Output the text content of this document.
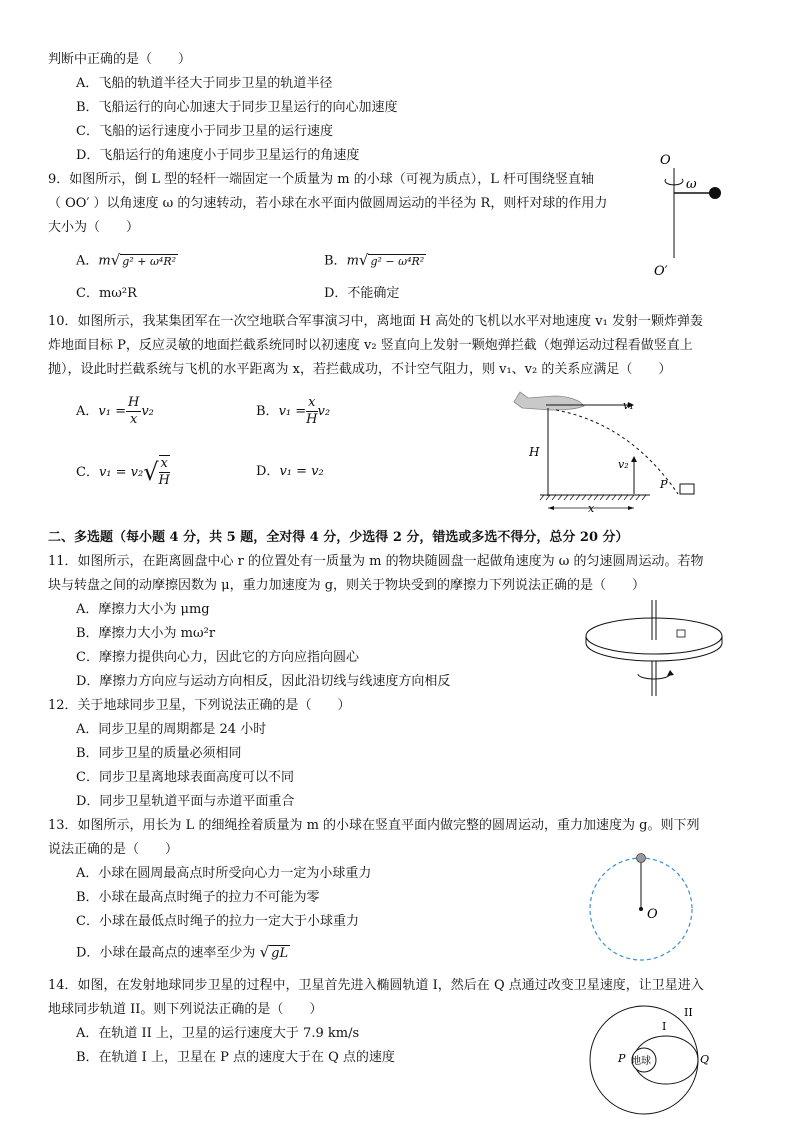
判断中正确的是（　　）
A．飞船的轨道半径大于同步卫星的轨道半径
B．飞船运行的向心加速大于同步卫星运行的向心加速度
C．飞船的运行速度小于同步卫星的运行速度
D．飞船运行的角速度小于同步卫星运行的角速度
9．如图所示，倒 L 型的轻杆一端固定一个质量为 m 的小球（可视为质点），L 杆可围绕竖直轴
（ OO′ ）以角速度 ω 的匀速转动，若小球在水平面内做圆周运动的半径为 R，则杆对球的作用力
大小为（　　）
A．m√ g² + ω⁴R²	B．m√ g² − ω⁴R²
C．mω²R	D．不能确定
O
ω
O′
10．如图所示，我某集团军在一次空地联合军事演习中，离地面 H 高处的飞机以水平对地速度 v₁ 发射一颗炸弹轰
炸地面目标 P，反应灵敏的地面拦截系统同时以初速度 v₂ 竖直向上发射一颗炮弹拦截（炮弹运动过程看做竖直上
抛），设此时拦截系统与飞机的水平距离为 x，若拦截成功，不计空气阻力，则 v₁、v₂ 的关系应满足（　　）
A．$v_1 = \frac{H}{x} v_2$	B．$v_1 = \frac{x}{H} v_2$
C．$v_1 = v_2√ \frac{x}{H}$	D．v₁ = v₂
v₁
H
v₂
P
x
二、多选题（每小题 4 分，共 5 题，全对得 4 分，少选得 2 分，错选或多选不得分，总分 20 分）
11．如图所示，在距离圆盘中心 r 的位置处有一质量为 m 的物块随圆盘一起做角速度为 ω 的匀速圆周运动。若物
块与转盘之间的动摩擦因数为 μ，重力加速度为 g，则关于物块受到的摩擦力下列说法正确的是（　　）
A．摩擦力大小为 μmg
B．摩擦力大小为 mω²r
C．摩擦力提供向心力，因此它的方向应指向圆心
D．摩擦力方向应与运动方向相反，因此沿切线与线速度方向相反
12．关于地球同步卫星，下列说法正确的是（　　）
A．同步卫星的周期都是 24 小时
B．同步卫星的质量必须相同
C．同步卫星离地球表面高度可以不同
D．同步卫星轨道平面与赤道平面重合
13．如图所示，用长为 L 的细绳拴着质量为 m 的小球在竖直平面内做完整的圆周运动，重力加速度为 g。则下列
说法正确的是（　　）
A．小球在圆周最高点时所受向心力一定为小球重力
B．小球在最高点时绳子的拉力不可能为零
C．小球在最低点时绳子的拉力一定大于小球重力
D．小球在最高点的速率至少为 √ gL
O
14．如图，在发射地球同步卫星的过程中，卫星首先进入椭圆轨道 I，然后在 Q 点通过改变卫星速度，让卫星进入
地球同步轨道 II。则下列说法正确的是（　　）
A．在轨道 II 上，卫星的运行速度大于 7.9 km/s
B．在轨道 I 上，卫星在 P 点的速度大于在 Q 点的速度	地球
P	Q
I
II
